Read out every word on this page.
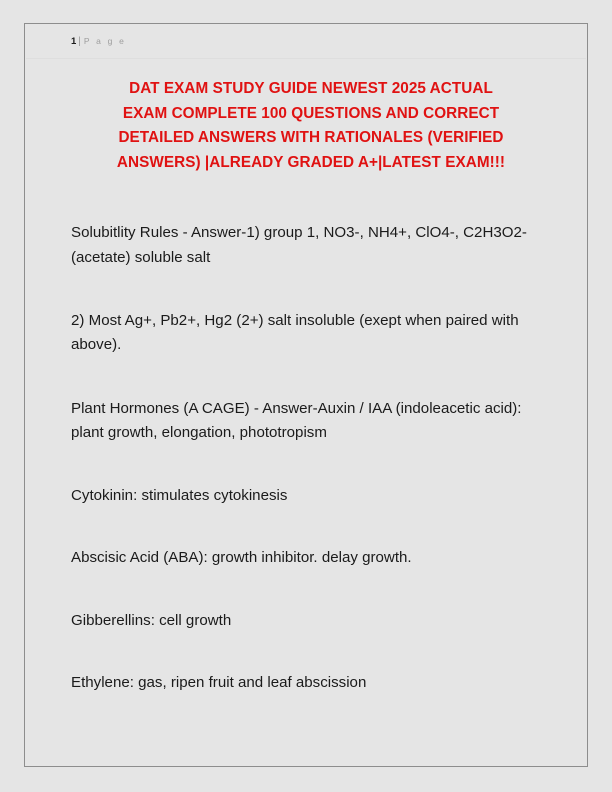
1 | P a g e
DAT EXAM STUDY GUIDE NEWEST 2025 ACTUAL
EXAM COMPLETE 100 QUESTIONS AND CORRECT
DETAILED ANSWERS WITH RATIONALES (VERIFIED
ANSWERS) |ALREADY GRADED A+|LATEST EXAM!!!

Solubitlity Rules - Answer-1) group 1, NO3-, NH4+, ClO4-, C2H3O2- (acetate) soluble salt

2) Most Ag+, Pb2+, Hg2 (2+) salt insoluble (exept when paired with above).

Plant Hormones (A CAGE) - Answer-Auxin / IAA (indoleacetic acid): plant growth, elongation, phototropism

Cytokinin: stimulates cytokinesis

Abscisic Acid (ABA): growth inhibitor. delay growth.

Gibberellins: cell growth

Ethylene: gas, ripen fruit and leaf abscission
